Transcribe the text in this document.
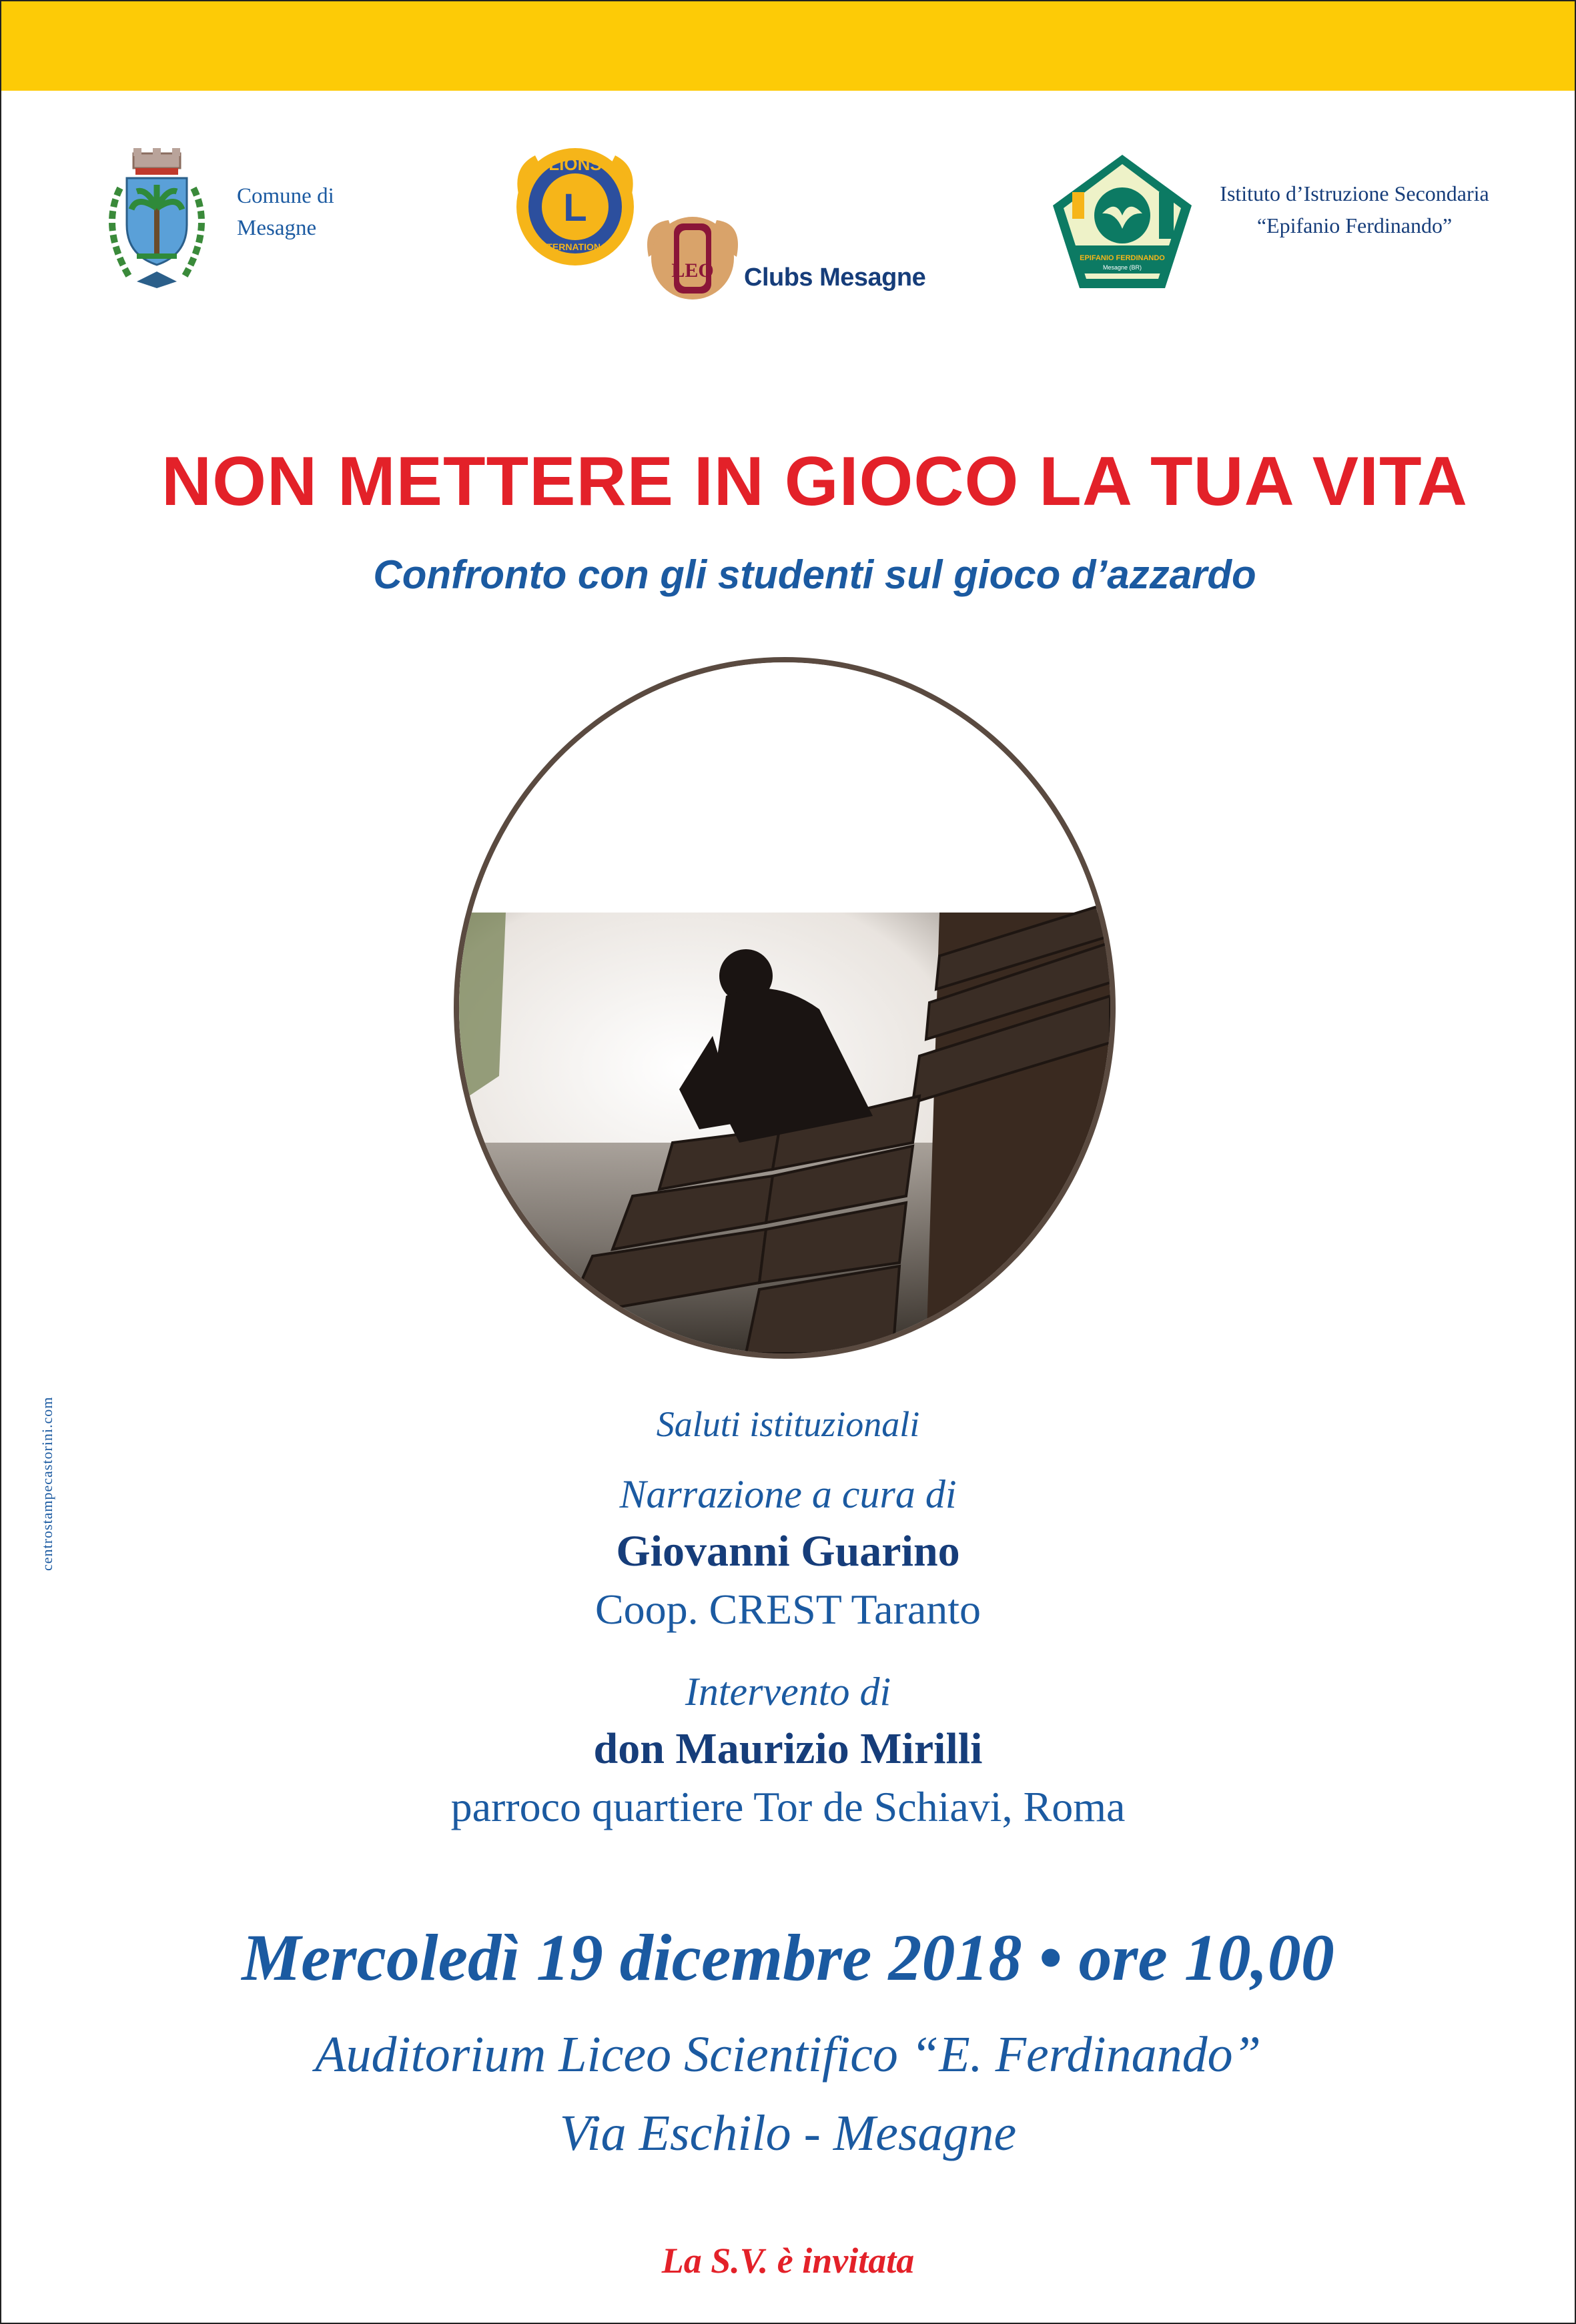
Comune di
Mesagne
LIONS
L
INTERNATIONAL
LEO Clubs Mesagne
EPIFANIO FERDINANDO
Mesagne (BR)
Istituto d’Istruzione Secondaria
“Epifanio Ferdinando”
NON METTERE IN GIOCO LA TUA VITA
Confronto con gli studenti sul gioco d’azzardo
Saluti istituzionali
Narrazione a cura di
Giovanni Guarino
Coop. CREST Taranto
Intervento di
don Maurizio Mirilli
parroco quartiere Tor de Schiavi, Roma
Mercoledì 19 dicembre 2018 • ore 10,00
Auditorium Liceo Scientifico “E. Ferdinando”
Via Eschilo - Mesagne
La S.V. è invitata
centrostampecastorini.com
